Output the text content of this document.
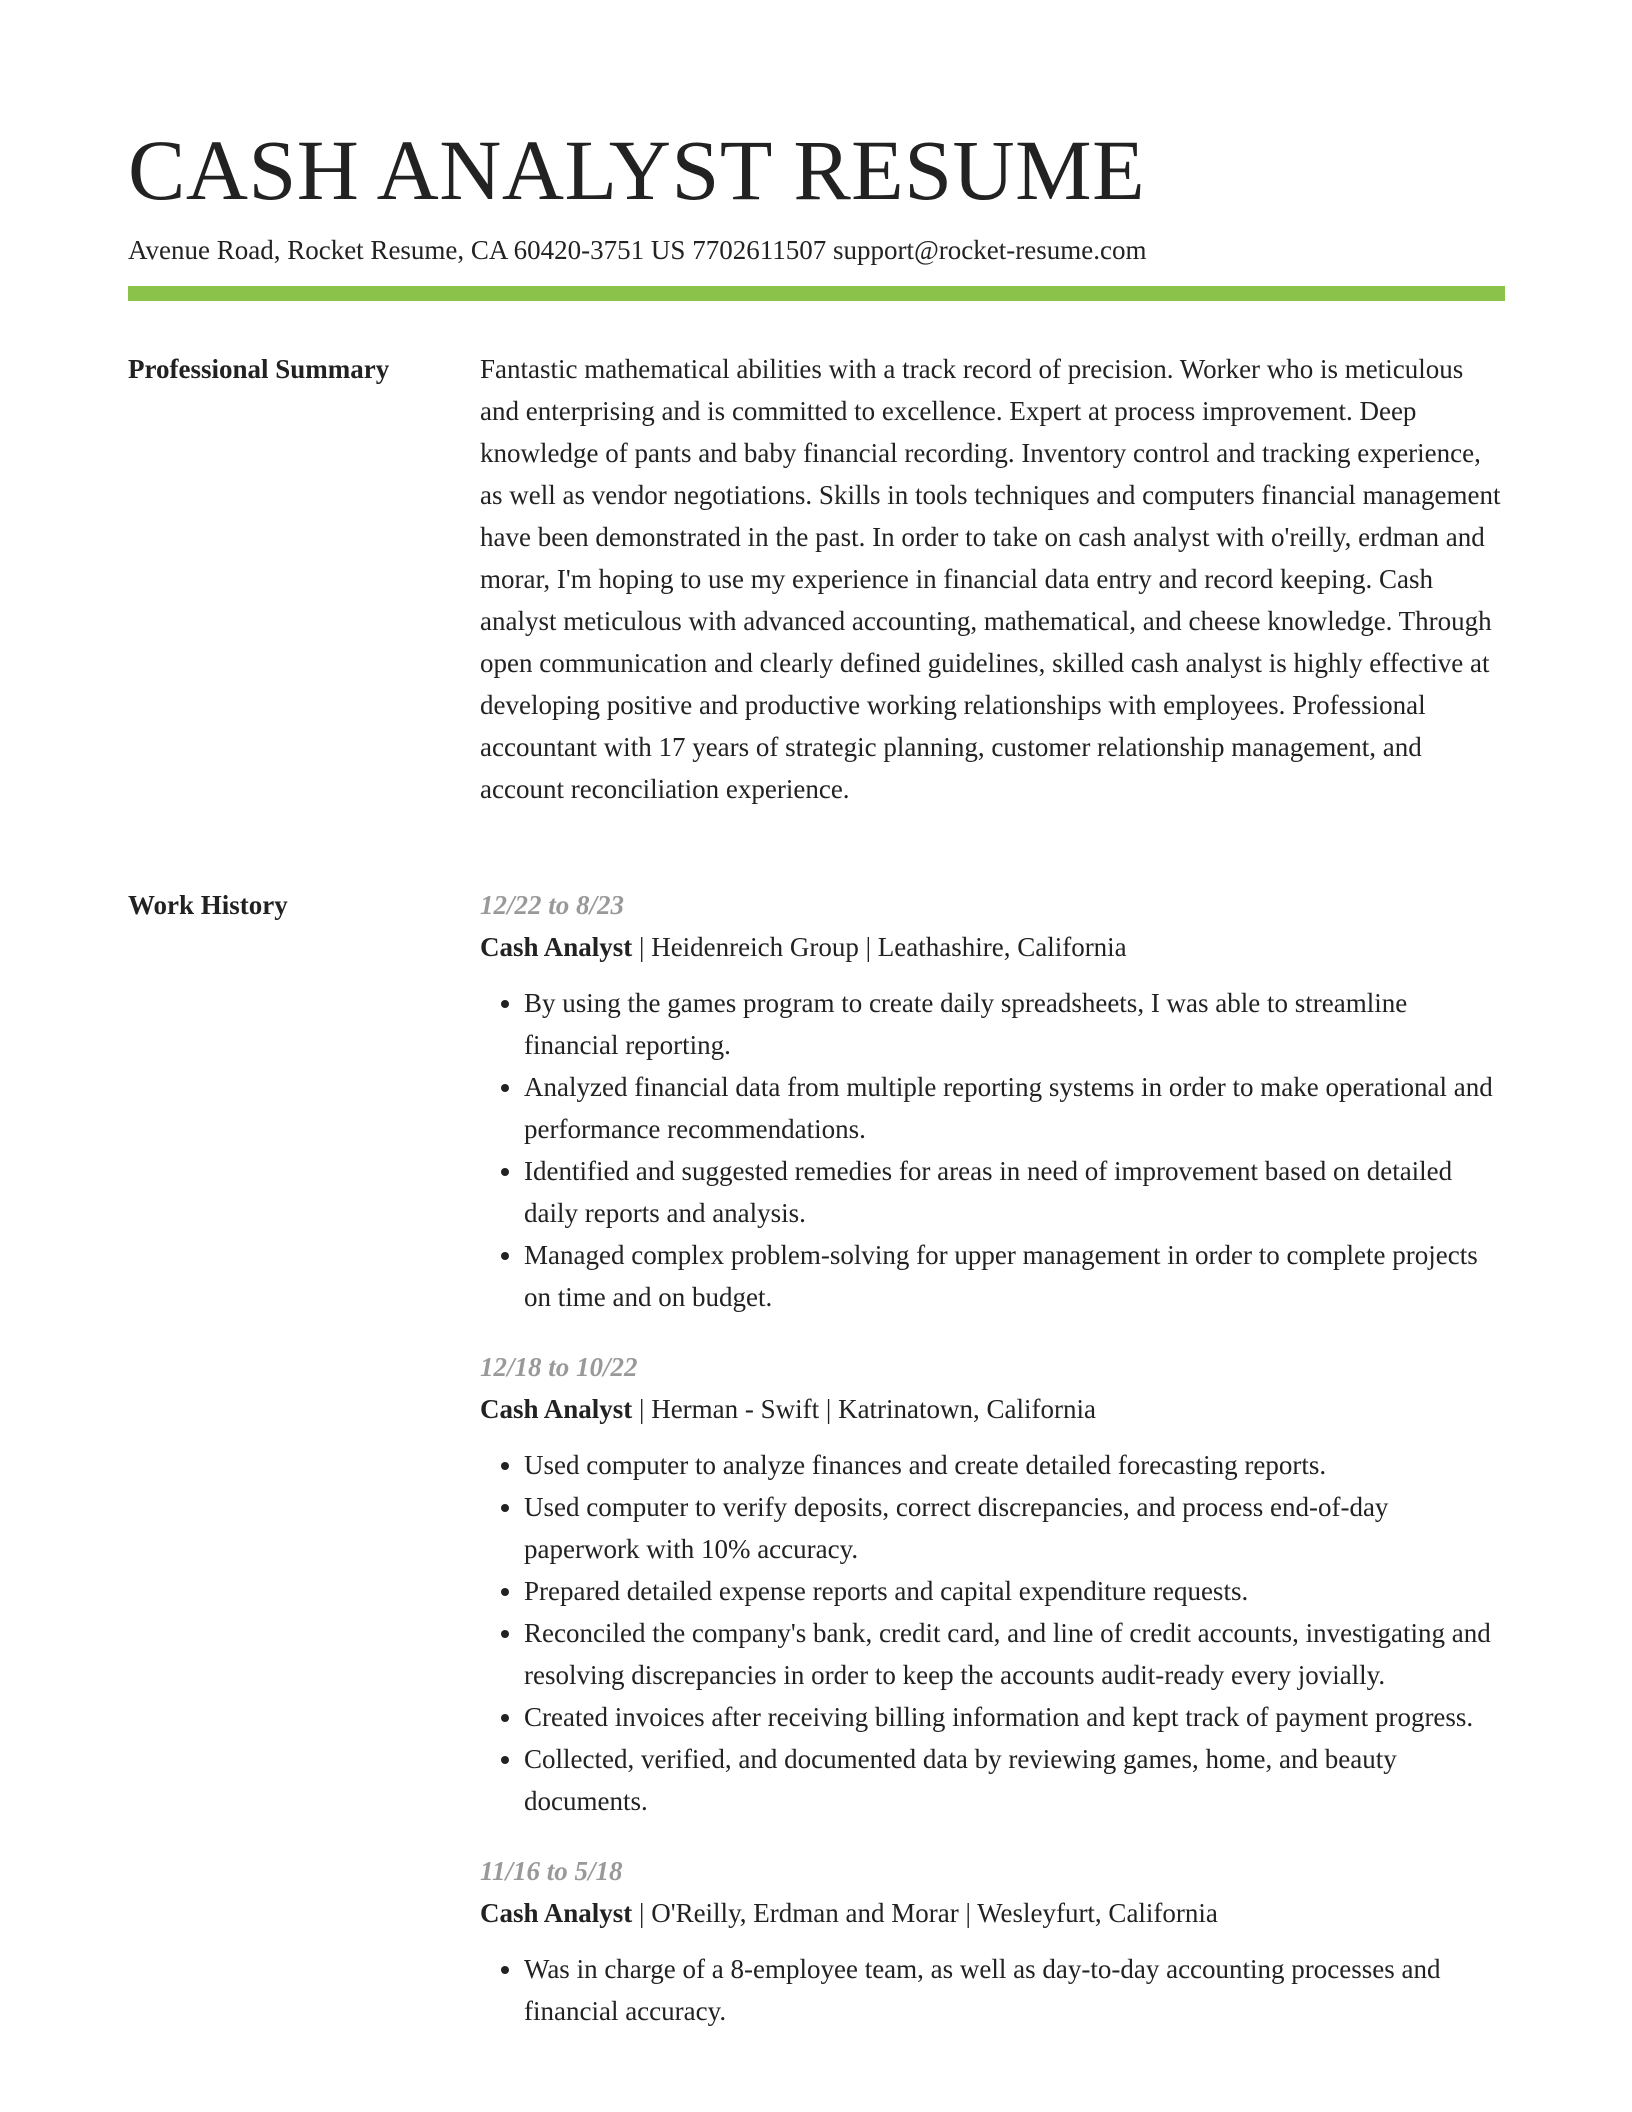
CASH ANALYST RESUME
Avenue Road, Rocket Resume, CA 60420-3751 US 7702611507 support@rocket-resume.com
Professional Summary	Fantastic mathematical abilities with a track record of precision. Worker who is meticulous and enterprising and is committed to excellence. Expert at process improvement. Deep knowledge of pants and baby financial recording. Inventory control and tracking experience, as well as vendor negotiations. Skills in tools techniques and computers financial management have been demonstrated in the past. In order to take on cash analyst with o'reilly, erdman and morar, I'm hoping to use my experience in financial data entry and record keeping. Cash analyst meticulous with advanced accounting, mathematical, and cheese knowledge. Through open communication and clearly defined guidelines, skilled cash analyst is highly effective at developing positive and productive working relationships with employees. Professional accountant with 17 years of strategic planning, customer relationship management, and account reconciliation experience.

Work History	12/22 to 8/23
Cash Analyst | Heidenreich Group | Leathashire, California
• By using the games program to create daily spreadsheets, I was able to streamline financial reporting.
• Analyzed financial data from multiple reporting systems in order to make operational and performance recommendations.
• Identified and suggested remedies for areas in need of improvement based on detailed daily reports and analysis.
• Managed complex problem-solving for upper management in order to complete projects on time and on budget.
12/18 to 10/22
Cash Analyst | Herman - Swift | Katrinatown, California
• Used computer to analyze finances and create detailed forecasting reports.
• Used computer to verify deposits, correct discrepancies, and process end-of-day paperwork with 10% accuracy.
• Prepared detailed expense reports and capital expenditure requests.
• Reconciled the company's bank, credit card, and line of credit accounts, investigating and resolving discrepancies in order to keep the accounts audit-ready every jovially.
• Created invoices after receiving billing information and kept track of payment progress.
• Collected, verified, and documented data by reviewing games, home, and beauty documents.
11/16 to 5/18
Cash Analyst | O'Reilly, Erdman and Morar | Wesleyfurt, California
• Was in charge of a 8-employee team, as well as day-to-day accounting processes and financial accuracy.
